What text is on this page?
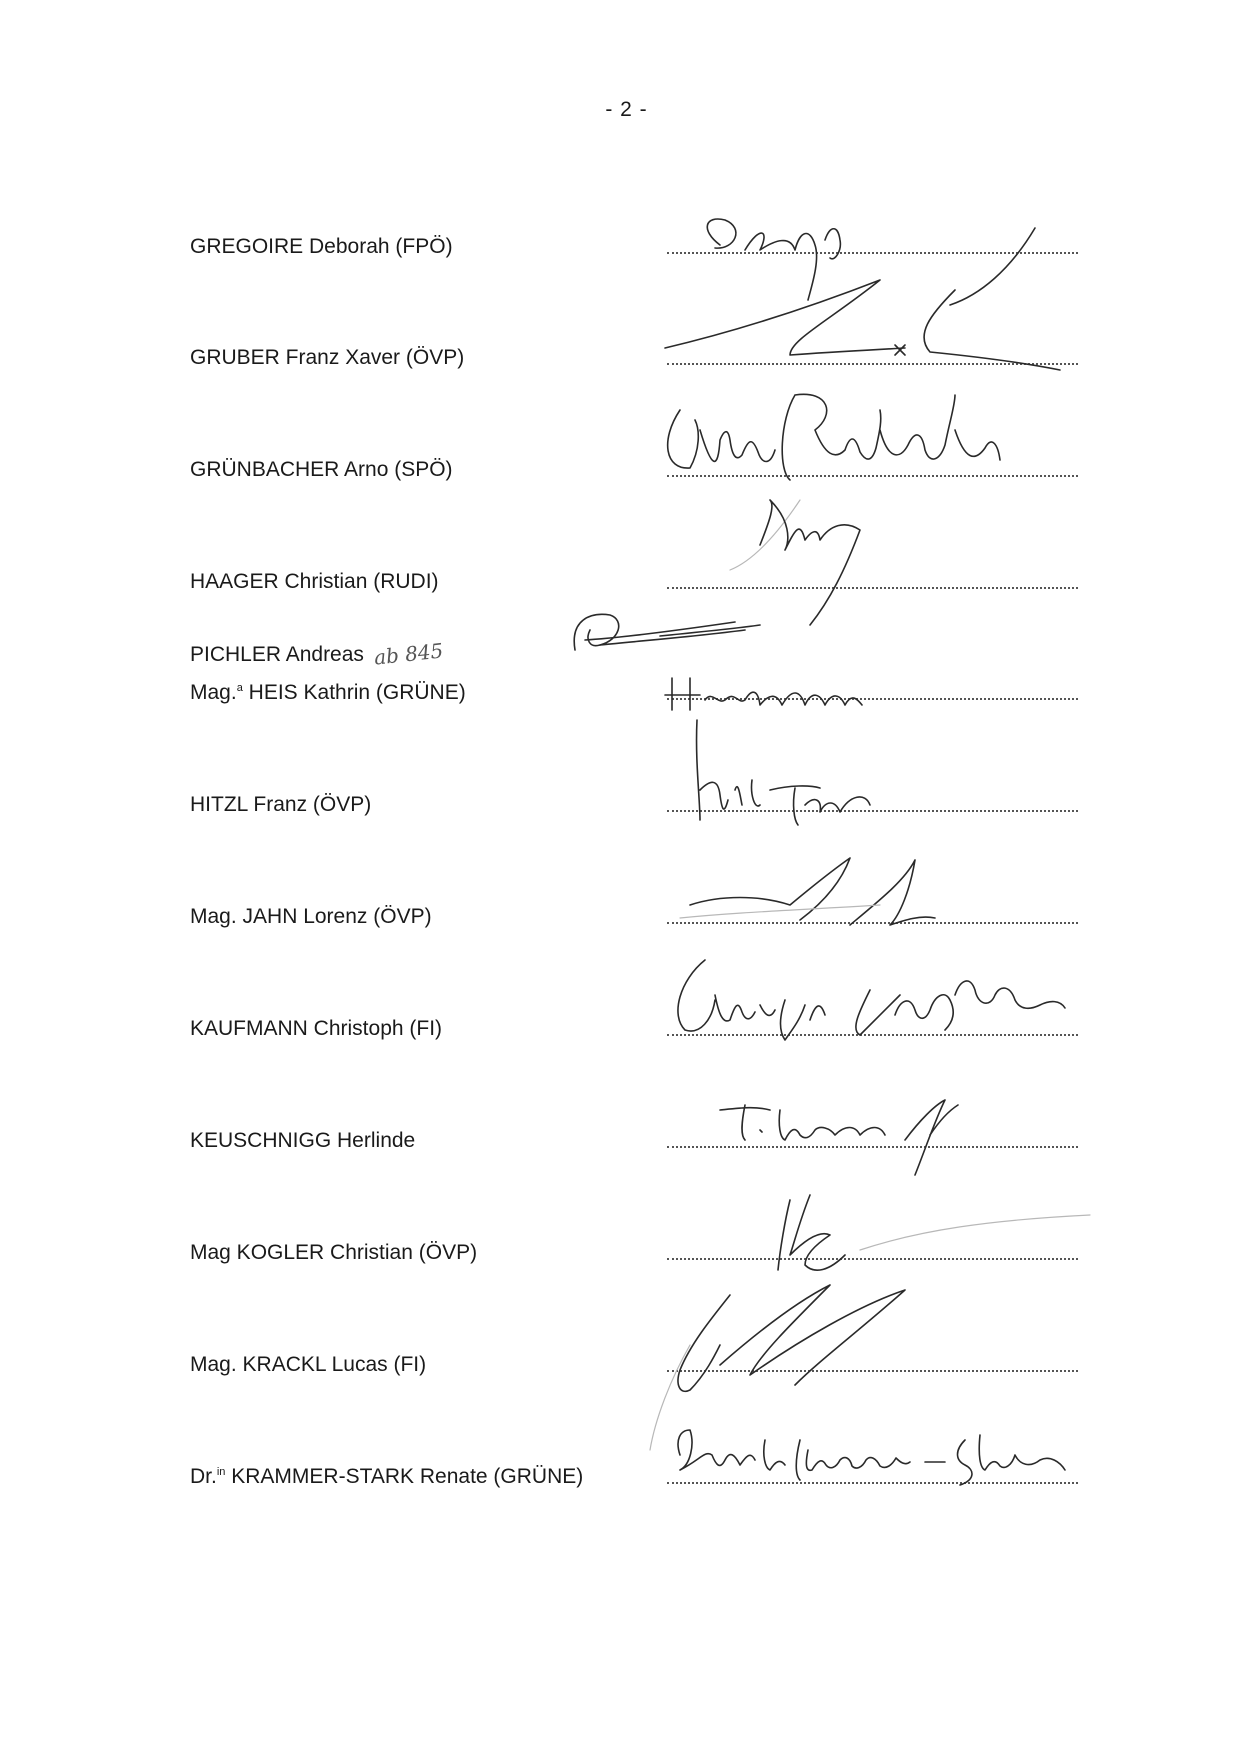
- 2 -
GREGOIRE Deborah (FPÖ)
GRUBER Franz Xaver (ÖVP)
GRÜNBACHER Arno (SPÖ)
HAAGER Christian (RUDI)
PICHLER Andreas ab 845
Mag.$^a$ HEIS Kathrin (GRÜNE)
HITZL Franz (ÖVP)
Mag. JAHN Lorenz (ÖVP)
KAUFMANN Christoph (FI)
KEUSCHNIGG Herlinde
Mag KOGLER Christian (ÖVP)
Mag. KRACKL Lucas (FI)
Dr.$^{in}$ KRAMMER-STARK Renate (GRÜNE)
